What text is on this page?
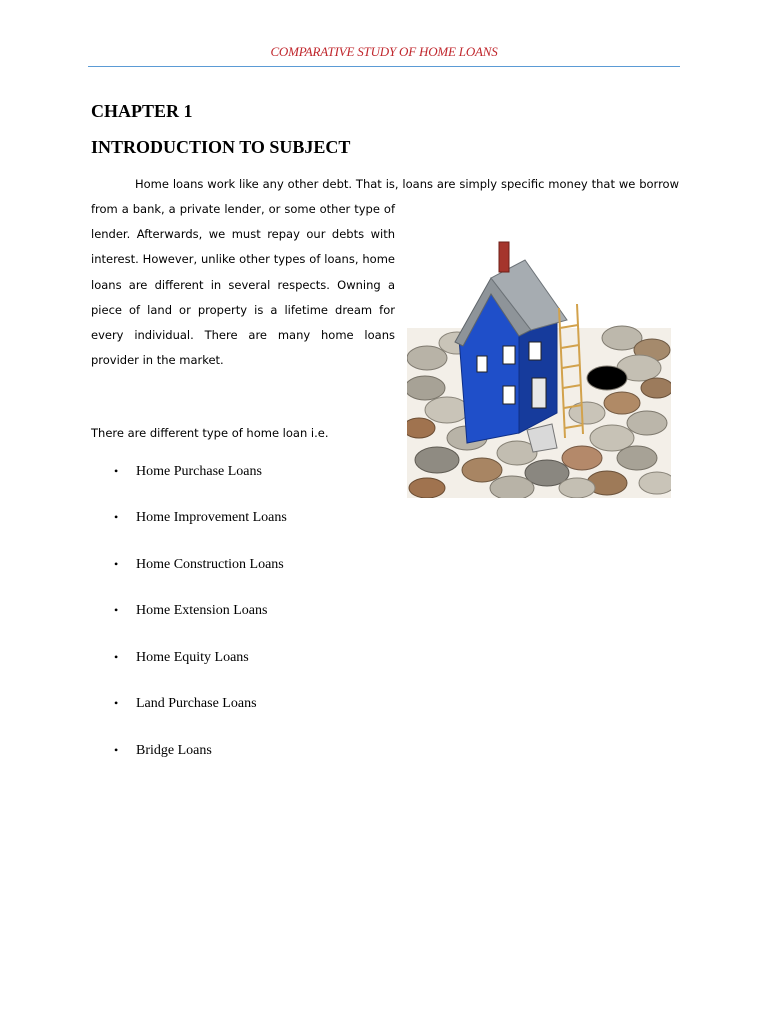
COMPARATIVE STUDY OF HOME LOANS
CHAPTER 1
INTRODUCTION TO SUBJECT
Home loans work like any other debt. That is, loans are simply specific money that we borrow
from a bank, a private lender, or some other type of lender. Afterwards, we must repay our debts with interest. However, unlike other types of loans, home loans are different in several respects. Owning a piece of land or property is a lifetime dream for every individual. There are many home loans provider in the market.
There are different type of home loan i.e.
• Home Purchase Loans
• Home Improvement Loans
• Home Construction Loans
• Home Extension Loans
• Home Equity Loans
• Land Purchase Loans
• Bridge Loans
